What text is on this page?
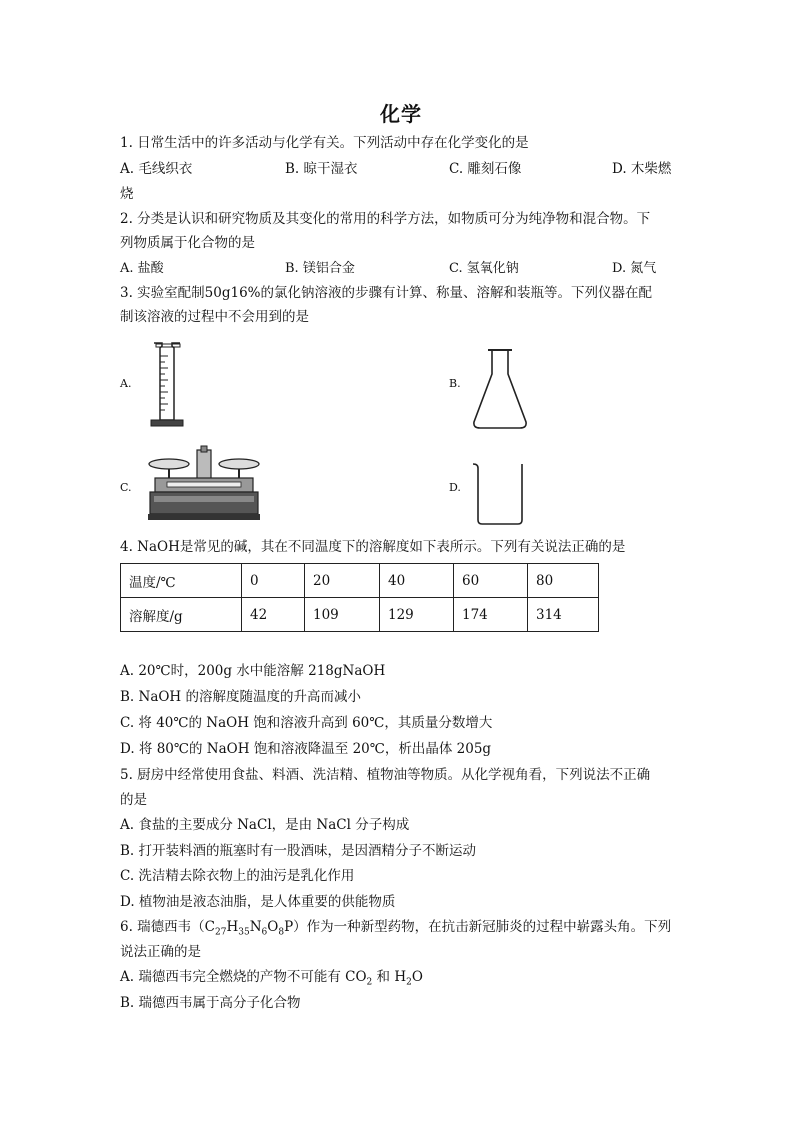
化学
1. 日常生活中的许多活动与化学有关。下列活动中存在化学变化的是
A. 毛线织衣	B. 晾干湿衣	C. 雕刻石像	D. 木柴燃
烧
2. 分类是认识和研究物质及其变化的常用的科学方法，如物质可分为纯净物和混合物。下
列物质属于化合物的是
A. 盐酸	B. 镁铝合金	C. 氢氧化钠	D. 氮气
3. 实验室配制50g16%的氯化钠溶液的步骤有计算、称量、溶解和装瓶等。下列仪器在配
制该溶液的过程中不会用到的是
A.	B.
C.	D.
4. NaOH是常见的碱，其在不同温度下的溶解度如下表所示。下列有关说法正确的是
温度/℃	0	20	40	60	80
溶解度/g	42	109	129	174	314
A. 20℃时，200g 水中能溶解 218gNaOH
B. NaOH 的溶解度随温度的升高而减小
C. 将 40℃的 NaOH 饱和溶液升高到 60℃，其质量分数增大
D. 将 80℃的 NaOH 饱和溶液降温至 20℃，析出晶体 205g
5. 厨房中经常使用食盐、料酒、洗洁精、植物油等物质。从化学视角看，下列说法不正确
的是
A. 食盐的主要成分 NaCl，是由 NaCl 分子构成
B. 打开装料酒的瓶塞时有一股酒味，是因酒精分子不断运动
C. 洗洁精去除衣物上的油污是乳化作用
D. 植物油是液态油脂，是人体重要的供能物质
6. 瑞德西韦$(C_{27}H_{35}N_6O_8P)$作为一种新型药物，在抗击新冠肺炎的过程中崭露头角。下列
说法正确的是
A. 瑞德西韦完全燃烧的产物不可能有 $CO_2$ 和 $H_2O$
B. 瑞德西韦属于高分子化合物
